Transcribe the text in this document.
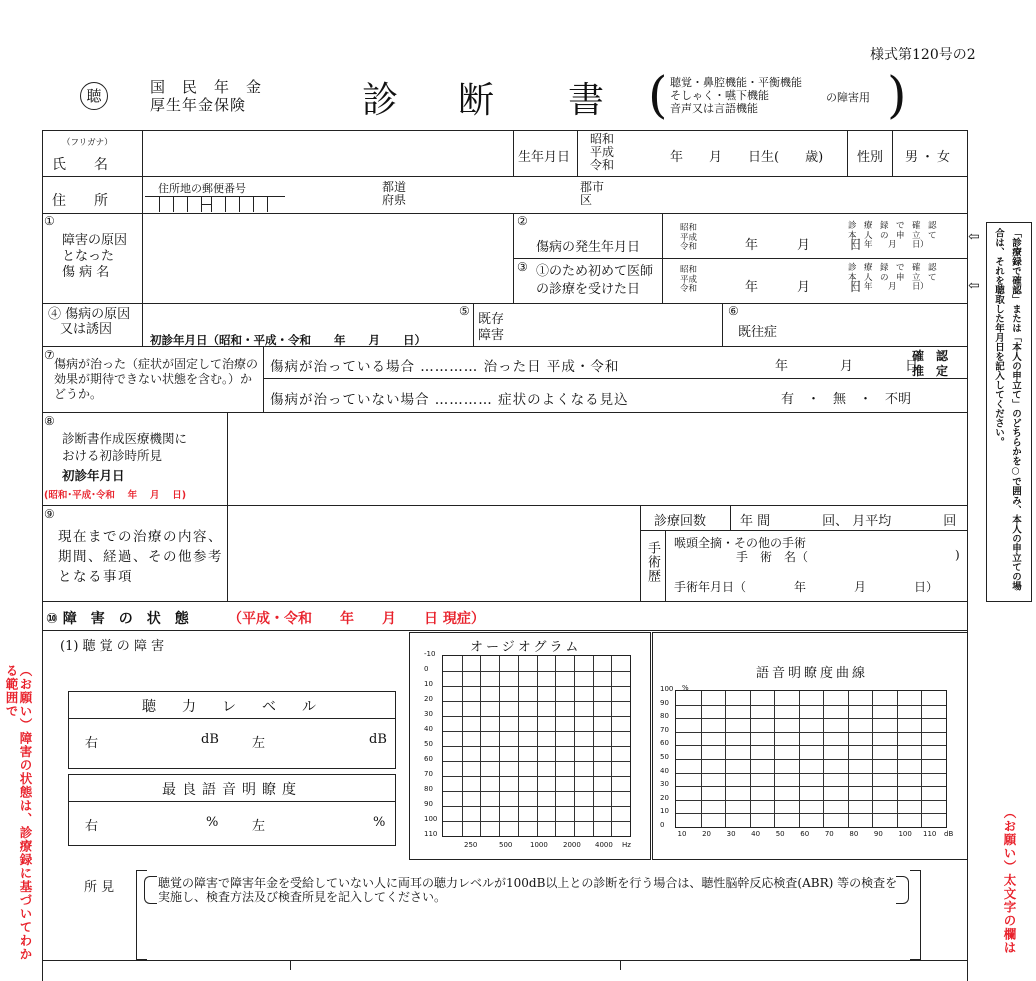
様式第120号の2
聴	国　民　年　金
厚生年金保険	診 断 書 ( 聴覚・鼻腔機能・平衡機能
そしゃく・嚥下機能
音声又は言語機能
の障害用 )
（フリガナ）
氏　　名	生年月日
昭和
平成
令和	年　　月　　日生(　　歳)	性別 男・女
住　　所
住所地の郵便番号	都道
府県
郡市
区
①
障害の原因
となった
傷 病 名
②
傷病の発生年月日
昭和
平成
令和	年　　　月　　　日
診　療　録　で　確　認
本　人　の　申　立　て
（　年　　月　　日）
③ ①のため初めて医師
の診療を受けた日
昭和
平成
令和	年　　　月　　　日
診　療　録　で　確　認
本　人　の　申　立　て
（　年　　月　　日）
⇦
⇦	「診療録で確認」または「本人の申立て」のどちらかを○で囲み、本人の申立ての場合は、それを聴取した年月日を記入してください。
④ 傷病の原因
又は誘因
初診年月日（昭和・平成・令和　　年　　月　　日）
⑤
既存
障害
⑥
既往症
⑦
傷病が治った（症状が固定して治療の効果が期待できない状態を含む。）かどうか。
傷病が治っている場合 ………… 治った日 平成・令和	年　　　　月　　　　日
確　認
推　定
傷病が治っていない場合 ………… 症状のよくなる見込	有　・　無　・　不明
⑧
診断書作成医療機関に
おける初診時所見
初診年月日
(昭和･平成･令和　 年　 月　 日)
⑨
現在までの治療の内容、期間、経過、その他参考となる事項
診療回数	年 間　　　　回、 月平均　　　　回
手術歴 喉頭全摘・その他の手術
手　術　名（	)
手術年月日（　　　　年　　　　月　　　　日）
⑩ 障　害　の　状　態	（平成・令和　　年　　月　　日 現症）
(1) 聴 覚 の 障 害
聴　力　レ　ベ　ル
右	dB	左	dB
最良語音明瞭度
右	%	左	%
オージオグラム
-10
0
10
20
30
40
50
60
70
80
90
100
110
250	500	1000 2000 4000 Hz
語音明瞭度曲線
%
100
90
80
70
60
50
40
30
20
10
0
10 20 30 40 50 60 70 80 90 100 110 dB
所 見	聴覚の障害で障害年金を受給していない人に両耳の聴力レベルが100dB以上との診断を行う場合は、聴性脳幹反応検査(ABR) 等の検査を実施し、検査方法及び検査所見を記入してください。
（お願い）障害の状態は、診療録に基づいてわかる範囲で
（お願い）太文字の欄は
